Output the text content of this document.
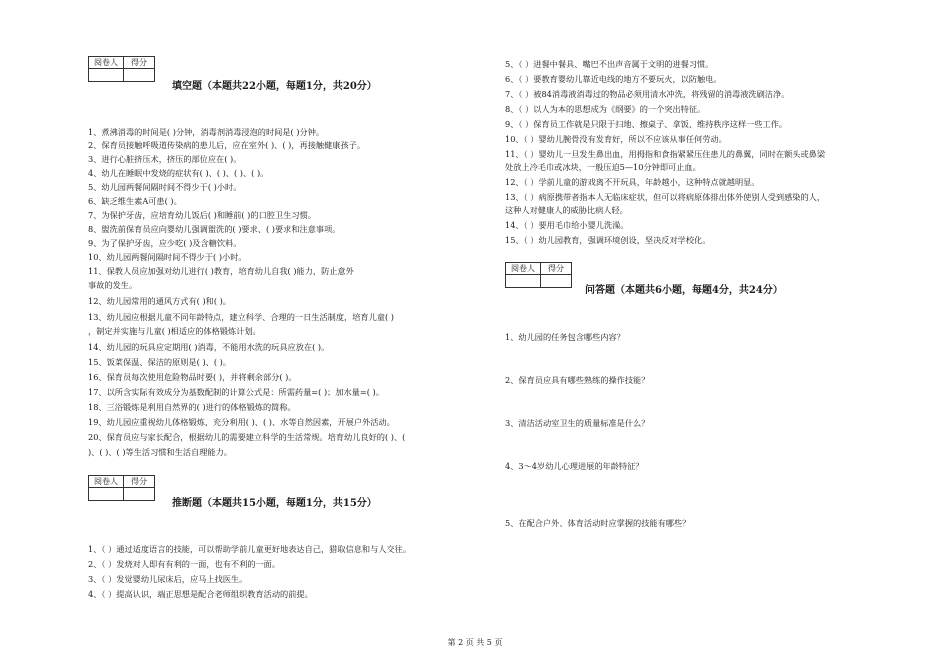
阅卷人	得分

填空题（本题共22小题，每题1分，共20分）
1、煮沸消毒的时间是( )分钟，消毒剂消毒浸泡的时间是( )分钟。
2、保育员接触呼吸道传染病的患儿后，应在室外( )、( )，再接触健康孩子。
3、进行心脏挤压术，挤压的部位应在( )。
4、幼儿在睡眠中发烧的症状有( )、( )、( )、( )。
5、幼儿园两餐间隔时间不得少于( )小时。
6、缺乏维生素A可患( )。
7、为保护牙齿，应培育幼儿饭后( )和睡前( )的口腔卫生习惯。
8、盥洗前保育员应向婴幼儿强调盥洗的( )要求、( )要求和注意事项。
9、为了保护牙齿，应少吃( )及含糖饮料。
10、幼儿园两餐间隔时间不得少于( )小时。
11、保教人员应加强对幼儿进行( )教育，培育幼儿自我( )能力，防止意外
事故的发生。
12、幼儿园常用的通风方式有( )和( )。
13、幼儿园应根据儿童不同年龄特点，建立科学、合理的一日生活制度，培育儿童( )
，制定并实施与儿童( )相适应的体格锻炼计划。
14、幼儿园的玩具应定期用( )消毒，不能用水洗的玩具应放在( )。
15、饭菜保温、保洁的原则是( )、( )。
16、保育员每次使用危险物品时要( )，并将剩余部分( )。
17、以所含实际有效成分为基数配制的计算公式是：所需药量=( )；加水量=( )。
18、三浴锻炼是利用自然界的( )进行的体格锻炼的简称。
19、幼儿园应重视幼儿体格锻炼，充分利用( )、( )、水等自然因素，开展户外活动。
20、保育员应与家长配合，根据幼儿的需要建立科学的生活常规。培育幼儿良好的( )、(
)、( )、( )等生活习惯和生活自理能力。
阅卷人	得分

推断题（本题共15小题，每题1分，共15分）
1、（ ）通过适度语言的技能，可以帮助学前儿童更好地表达自己，猎取信息和与人交往。
2、（ ）发烧对人即有有利的一面，也有不利的一面。
3、（ ）发觉婴幼儿尿床后，应马上找医生。
4、（ ）提高认识，端正思想是配合老师组织教育活动的前提。
5、（ ）进餐中餐具、嘴巴不出声音属于文明的进餐习惯。
6、（ ）要教育婴幼儿靠近电线的地方不要玩火，以防触电。
7、（ ）被84消毒液消毒过的物品必须用清水冲洗，将残留的消毒液洗刷洁净。
8、（ ）以人为本的思想成为《纲要》的一个突出特征。
9、（ ）保育员工作就是只限于扫地、擦桌子、拿饭、维持秩序这样一些工作。
10、（ ）婴幼儿腕骨没有发育好，所以不应该从事任何劳动。
11、（ ）婴幼儿一旦发生鼻出血，用拇指和食指紧紧压住患儿的鼻翼，同时在额头或鼻梁
处放上冷毛巾或冰块，一般压迫5—10分钟即可止血。
12、（ ）学前儿童的游戏离不开玩具，年龄越小，这种特点就越明显。
13、（ ）病原携带者指本人无临床症状，但可以将病原体排出体外使别人受到感染的人，
这种人对健康人的威胁比病人轻。
14、（ ）要用毛巾给小婴儿洗澡。
15、（ ）幼儿园教育，强调环境创设，坚决反对学校化。
阅卷人	得分

问答题（本题共6小题，每题4分，共24分）
1、幼儿园的任务包含哪些内容？
2、保育员应具有哪些熟练的操作技能？
3、清洁活动室卫生的质量标准是什么？
4、3～4岁幼儿心理进展的年龄特征？
5、在配合户外、体育活动时应掌握的技能有哪些？
第 2 页 共 5 页
